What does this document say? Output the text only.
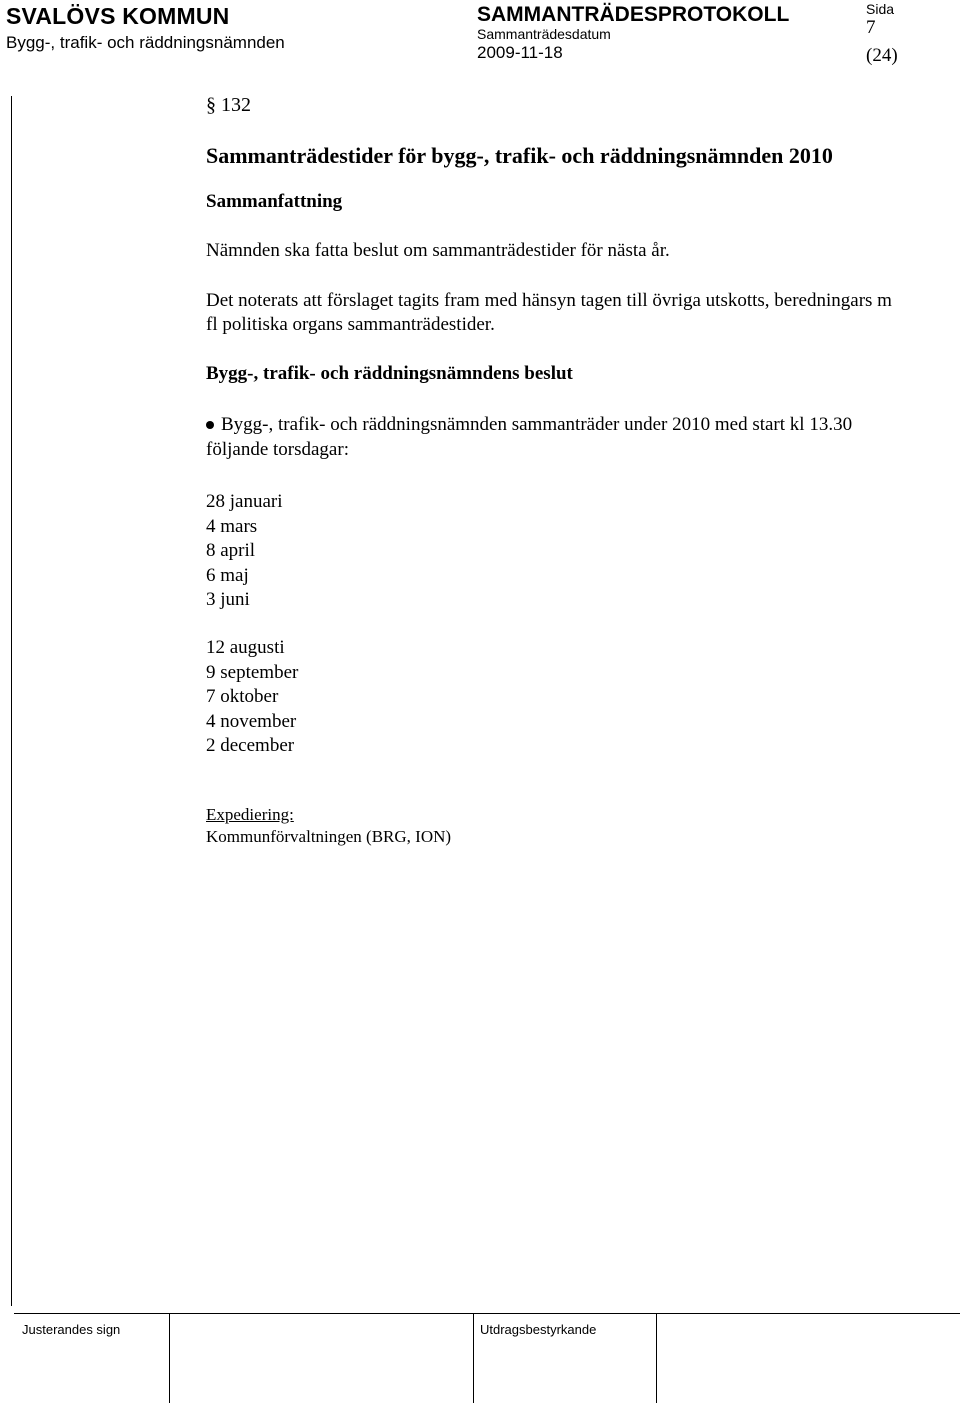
SVALÖVS KOMMUN
Bygg-, trafik- och räddningsnämnden
SAMMANTRÄDESPROTOKOLL
Sammanträdesdatum
2009-11-18
Sida
7
(24)
§ 132
Sammanträdestider för bygg-, trafik- och räddningsnämnden 2010
Sammanfattning
Nämnden ska fatta beslut om sammanträdestider för nästa år.
Det noterats att förslaget tagits fram med hänsyn tagen till övriga utskotts, beredningars m fl politiska organs sammanträdestider.
Bygg-, trafik- och räddningsnämndens beslut
Bygg-, trafik- och räddningsnämnden sammanträder under 2010 med start kl 13.30 följande torsdagar:
28 januari
4 mars
8 april
6 maj
3 juni
12 augusti
9 september
7 oktober
4 november
2 december
Expediering:
Kommunförvaltningen (BRG, ION)
Justerandes sign	Utdragsbestyrkande
